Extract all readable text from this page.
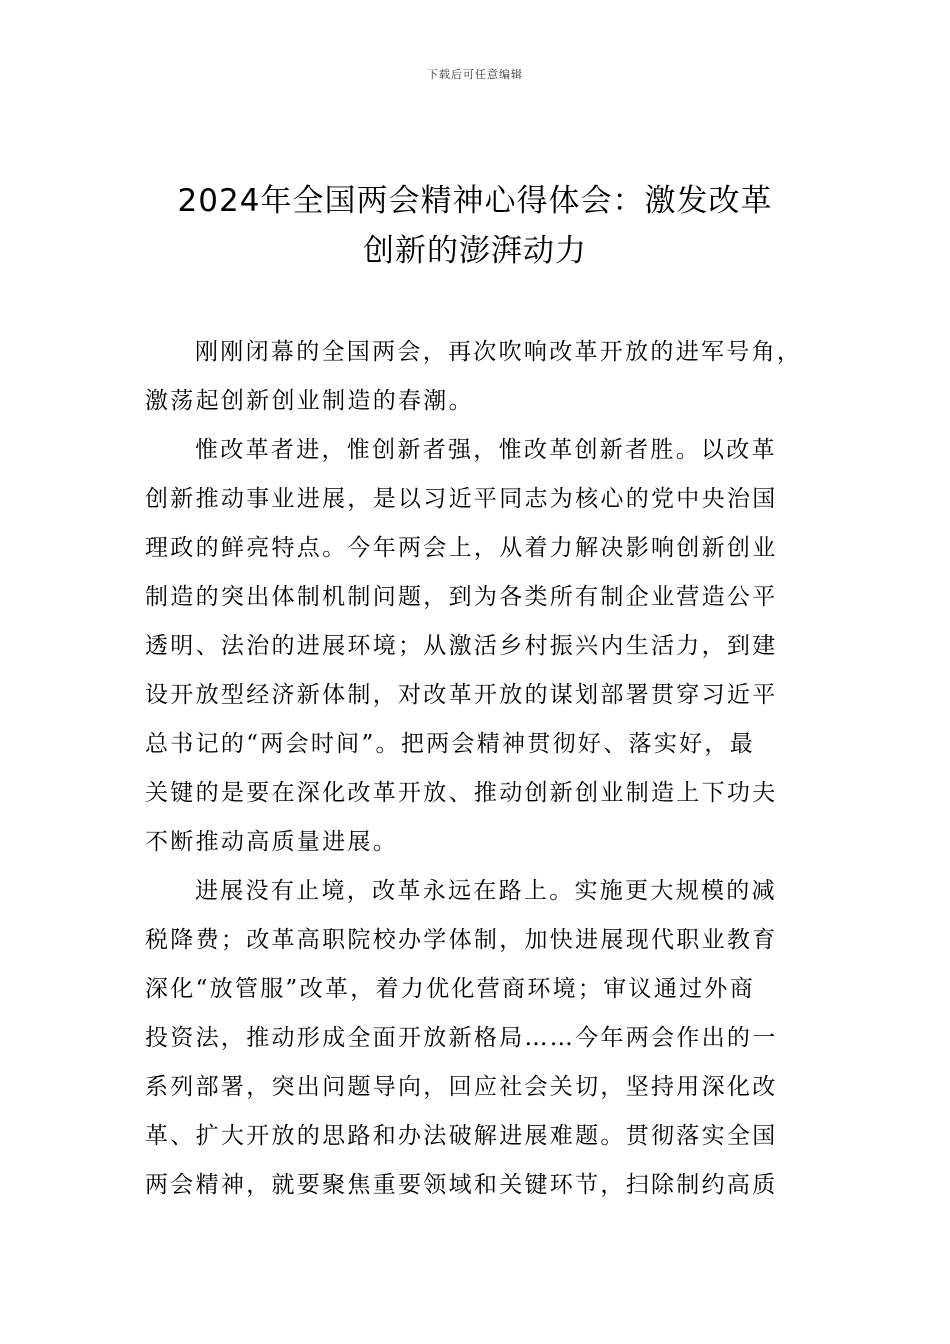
下载后可任意编辑
2024年全国两会精神心得体会：激发改革
创新的澎湃动力
刚刚闭幕的全国两会，再次吹响改革开放的进军号角，
激荡起创新创业制造的春潮。
惟改革者进，惟创新者强，惟改革创新者胜。以改革
创新推动事业进展，是以习近平同志为核心的党中央治国
理政的鲜亮特点。今年两会上，从着力解决影响创新创业
制造的突出体制机制问题，到为各类所有制企业营造公平
透明、法治的进展环境；从激活乡村振兴内生活力，到建
设开放型经济新体制，对改革开放的谋划部署贯穿习近平
总书记的“两会时间”。把两会精神贯彻好、落实好，最
关键的是要在深化改革开放、推动创新创业制造上下功夫
不断推动高质量进展。
进展没有止境，改革永远在路上。实施更大规模的减
税降费；改革高职院校办学体制，加快进展现代职业教育
深化“放管服”改革，着力优化营商环境；审议通过外商
投资法，推动形成全面开放新格局……今年两会作出的一
系列部署，突出问题导向，回应社会关切，坚持用深化改
革、扩大开放的思路和办法破解进展难题。贯彻落实全国
两会精神，就要聚焦重要领域和关键环节，扫除制约高质
